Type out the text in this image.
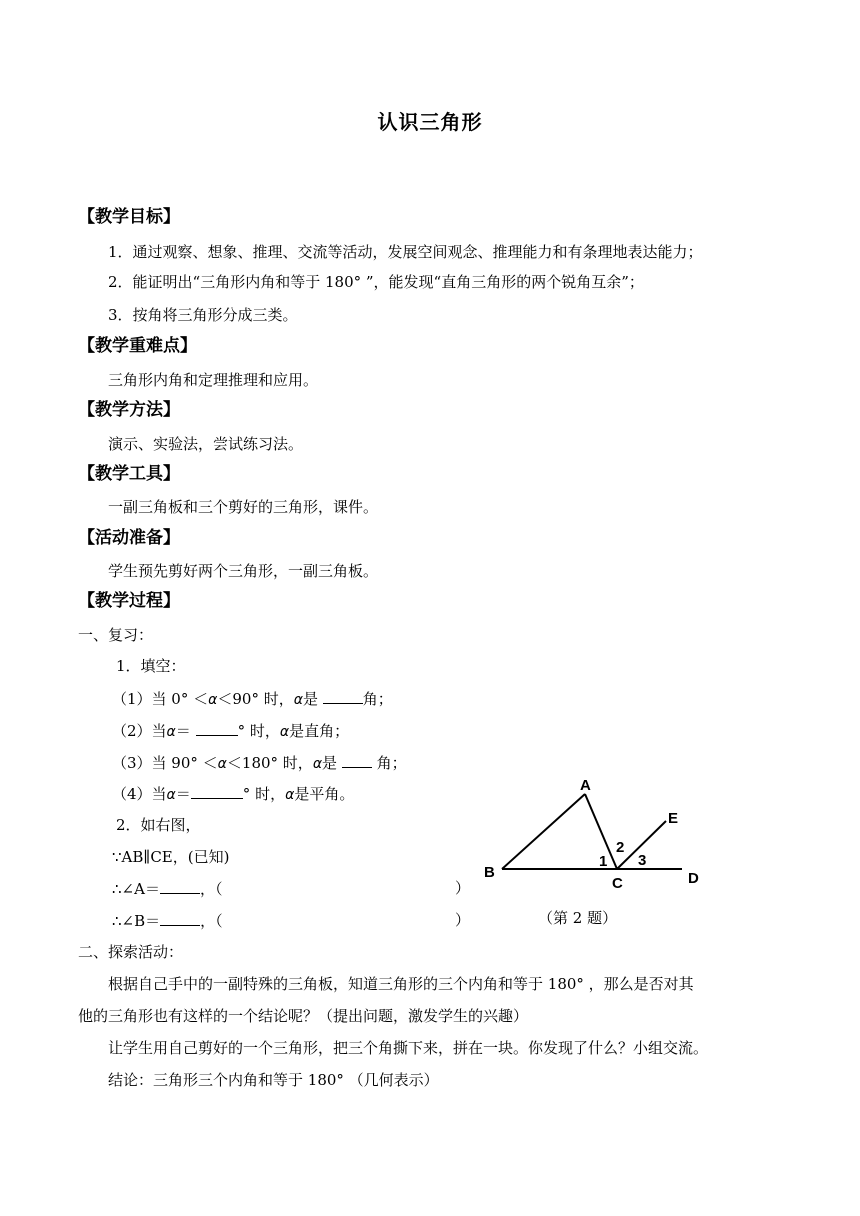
认识三角形
【教学目标】
1．通过观察、想象、推理、交流等活动，发展空间观念、推理能力和有条理地表达能力；
2．能证明出“三角形内角和等于 180° ”，能发现“直角三角形的两个锐角互余”；
3．按角将三角形分成三类。
【教学重难点】
三角形内角和定理推理和应用。
【教学方法】
演示、实验法，尝试练习法。
【教学工具】
一副三角板和三个剪好的三角形，课件。
【活动准备】
学生预先剪好两个三角形，一副三角板。
【教学过程】
一、复习：
1．填空：
（1）当 0° ＜α＜90° 时，α是	角；
（2）当α＝	° 时，α是直角；
（3）当 90° ＜α＜180° 时，α是  角；
（4）当α＝	° 时，α是平角。
2．如右图，
∵AB∥CE，(已知)
∴∠A＝	，（	）
∴∠B＝	，（	）
A
B
C	D
E
1
2
3
（第 2 题）
二、探索活动：
根据自己手中的一副特殊的三角板，知道三角形的三个内角和等于 180° ，那么是否对其
他的三角形也有这样的一个结论呢？（提出问题，激发学生的兴趣）
让学生用自己剪好的一个三角形，把三个角撕下来，拼在一块。你发现了什么？小组交流。
结论：三角形三个内角和等于 180° （几何表示）
